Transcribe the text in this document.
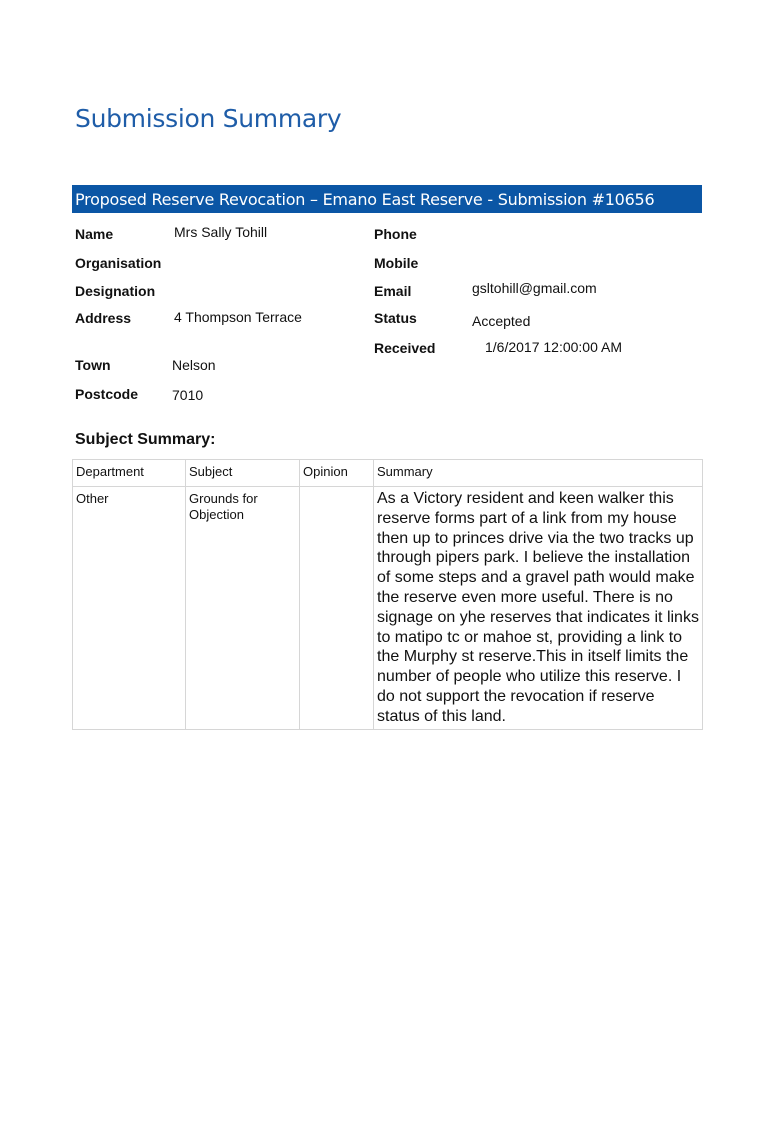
Submission Summary
Proposed Reserve Revocation – Emano East Reserve - Submission #10656
Name	Mrs Sally Tohill
Organisation
Designation
Address	4 Thompson Terrace
Town	Nelson
Postcode 7010
Phone
Mobile
Email	gsltohill@gmail.com
Status	Accepted
Received	1/6/2017 12:00:00 AM
Subject Summary:
Department	Subject	Opinion	Summary
Other	Grounds for Objection		As a Victory resident and keen walker this reserve forms part of a link from my house then up to princes drive via the two tracks up through pipers park. I believe the installation of some steps and a gravel path would make the reserve even more useful. There is no signage on yhe reserves that indicates it links to matipo tc or mahoe st, providing a link to the Murphy st reserve.This in itself limits the number of people who utilize this reserve. I do not support the revocation if reserve status of this land.
